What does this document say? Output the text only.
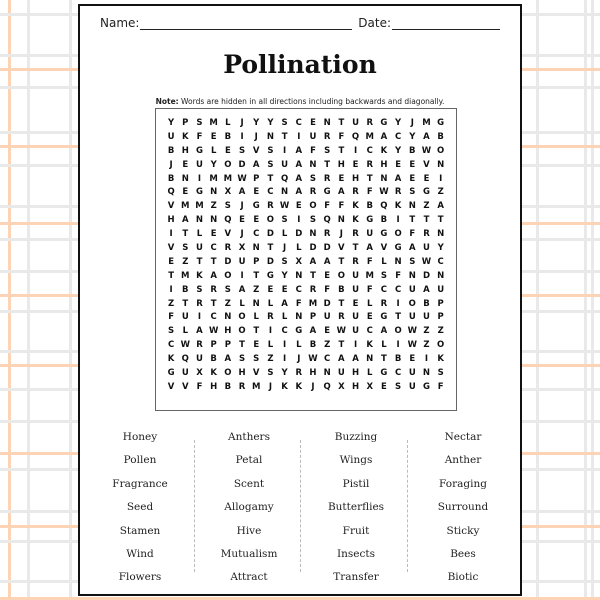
Name:	Date:
Pollination
Note: Words are hidden in all directions including backwards and diagonally.
Y P S M L	J	Y Y S C E N T U R G Y	J M G
U K F E B	I	J	N T	I	U R F Q M A C Y A B
B H G L	E S V S	I	A F S T	I	C K Y B W O
J	E U Y O D A S U A N T H E R H E E V N
B N	I M M W P T Q A S R E H T N A E E	I
Q E G N X A E C N A R G A R F W R S G Z
V M M Z S	J	G R W E O F F K B Q K N Z A
H A N N Q E E O S	I	S Q N K G B	I	T T T
I	T	L	E V	J	C D L D N R	J	R U G O F R N
V S U C R X N T	J	L D D V T A V G A U Y
E Z T T D U P D S X A A T R F	L N S W C
T M K A O	I	T G Y N T E O U M S F N D N
I	B S R S A Z E E C R F B U F C C U A U
Z T R T Z L N L A F M D T E	L R	I	O B P
F U	I	C N O L R L N P U R U E G T U U P
S L A W H O T	I	C G A E W U C A O W Z Z
C W R P P T E	L	I	L B Z T	I	K L	I W Z O
K Q U B A S S Z	I	J W C A A N T B E	I	K
G U X K O H V S Y R H N U H L G C U N S
V V F H B R M J	K K	J	Q X H X E S U G F
Honey
Pollen
Fragrance
Seed
Stamen
Wind
Flowers
Anthers
Petal
Scent
Allogamy
Hive
Mutualism
Attract
Buzzing
Wings
Pistil
Butterflies
Fruit
Insects
Transfer
Nectar
Anther
Foraging
Surround
Sticky
Bees
Biotic
